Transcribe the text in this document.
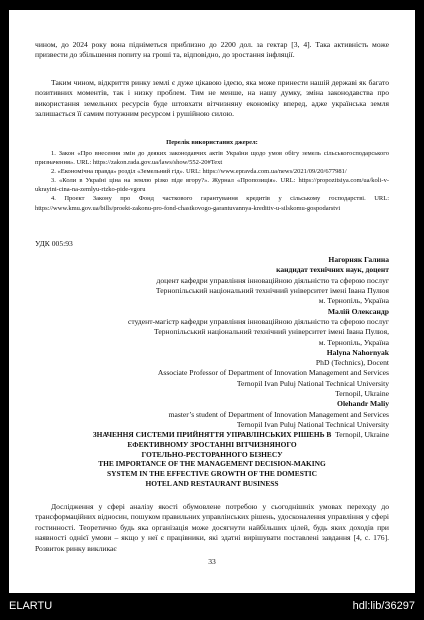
чином, до 2024 року вона підніметься приблизно до 2200 дол. за гектар [3, 4]. Така активність може призвести до збільшення попиту на грошi та, вiдповiдно, до зростання iнфляції.

Таким чином, вiдкриття ринку землi є дуже цiкавою iдеєю, яка може принести нашiй державi як багато позитивних моментiв, так i низку проблем. Тим не менше, на нашу думку, змiна законодавства про використання земельних ресурсiв буде штовхати вiтчизняну економiку вперед, адже українська земля залишається її самим потужним ресурсом i рушiйною силою.

Перелiк використаних джерел:

1. Закон «Про внесення змiн до деяких законодавчих актiв України щодо умов обiгу земель сiльськогосподарського призначення». URL: https://zakon.rada.gov.ua/laws/show/552-20#Text

2. «Економiчна правда» роздiл «Земельний гiд». URL: https://www.epravda.com.ua/news/2021/09/20/677981/

3. «Коли в Українi цiна на землю рiзко пiде вгору?». Журнал «Пропозицiя». URL: https://propozitsiya.com/ua/koli-v-ukrayini-cina-na-zemlyu-rizko-pide-vgoru

4. Проект Закону про Фонд часткового гарантування кредитiв у сiльському господарствi. URL: https://www.kmu.gov.ua/bills/proekt-zakonu-pro-fond-chastkovogo-garantuvannya-kreditiv-u-silskomu-gospodarstvi

УДК 005:93

Нагорняк Галина

кандидат технiчних наук, доцент

доцент кафедри управлiння iнновацiйною дiяльнiстю та сферою послуг

Тернопiльський нацiональний технiчний унiверситет iменi Iвана Пулюя

м. Тернопiль, Україна

Малiй Олександр

студент-магiстр кафедри управлiння iнновацiйною дiяльнiстю та сферою послуг

Тернопiльський нацiональний технiчний унiверситет iменi Iвана Пулюя,

м. Тернопiль, Україна

Halyna Nahornyak

PhD (Technics), Docent

Associate Professor of Department of Innovation Management and Services

Ternopil Ivan Puluj National Technical University

Ternopil, Ukraine

Olehandr Maliy

master’s student of Department of Innovation Management and Services

Ternopil Ivan Puluj National Technical University

Ternopil, Ukraine

ЗНАЧЕННЯ СИСТЕМИ ПРИЙНЯТТЯ УПРАВЛIНСЬКИХ РIШЕНЬ В

ЕФЕКТИВНОМУ ЗРОСТАННI ВIТЧИЗНЯНОГО

ГОТЕЛЬНО-РЕСТОРАННОГО БIЗНЕСУ

THE IMPORTANCE OF THE MANAGEMENT DECISION-MAKING

SYSTEM IN THE EFFECTIVE GROWTH OF THE DOMESTIC

HOTEL AND RESTAURANT BUSINESS

Дослiдження у сферi аналiзу якостi обумовлене потребою у сьогоднiшнiх умовах переходу до трансформацiйних вiдносин, пошуком правильних управлiнських рiшень, удосконалення управлiння у сферi гостинностi. Теоретично будь яка органiзацiя може досягнути найбiльших цiлей, будь яких доходiв при наявностi однiєї умови – якщо у неї є працiвники, якi здатнi вирiшувати поставленi завдання [4, с. 176]. Розвиток ринку викликає

33

ELARTU	hdl:lib/36297
